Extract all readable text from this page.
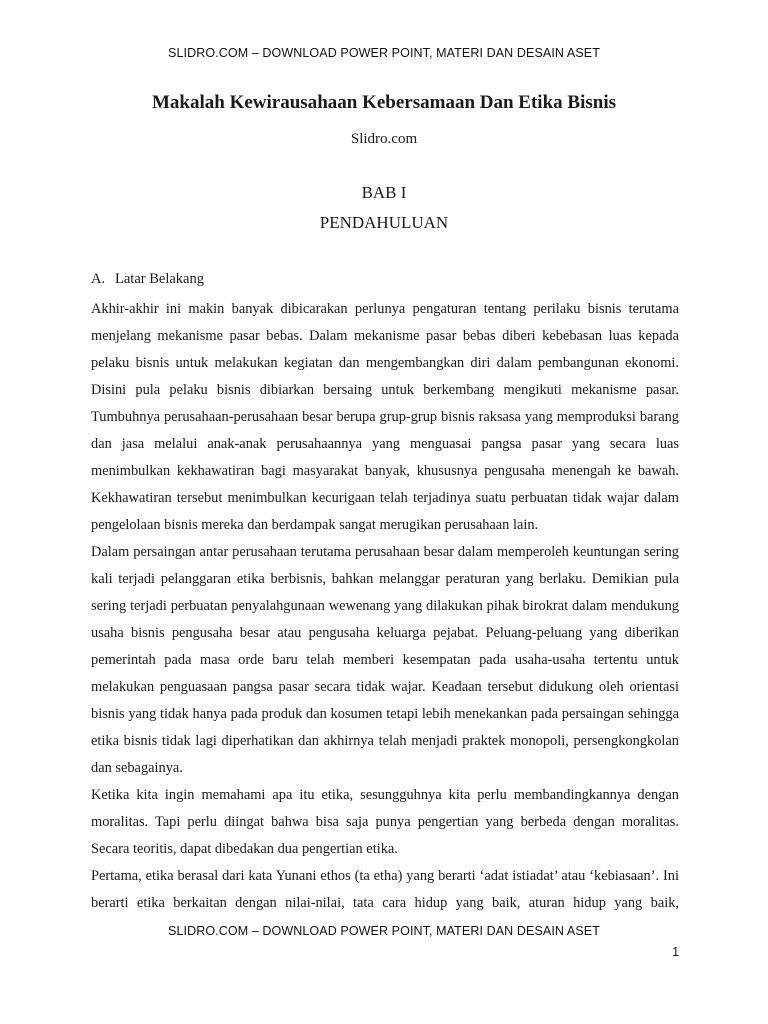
SLIDRO.COM – DOWNLOAD POWER POINT, MATERI DAN DESAIN ASET
Makalah Kewirausahaan Kebersamaan Dan Etika Bisnis
Slidro.com
BAB I
PENDAHULUAN
A. Latar Belakang

Akhir-akhir ini makin banyak dibicarakan perlunya pengaturan tentang perilaku bisnis terutama menjelang mekanisme pasar bebas. Dalam mekanisme pasar bebas diberi kebebasan luas kepada pelaku bisnis untuk melakukan kegiatan dan mengembangkan diri dalam pembangunan ekonomi. Disini pula pelaku bisnis dibiarkan bersaing untuk berkembang mengikuti mekanisme pasar. Tumbuhnya perusahaan-perusahaan besar berupa grup-grup bisnis raksasa yang memproduksi barang dan jasa melalui anak-anak perusahaannya yang menguasai pangsa pasar yang secara luas menimbulkan kekhawatiran bagi masyarakat banyak, khususnya pengusaha menengah ke bawah. Kekhawatiran tersebut menimbulkan kecurigaan telah terjadinya suatu perbuatan tidak wajar dalam pengelolaan bisnis mereka dan berdampak sangat merugikan perusahaan lain.

Dalam persaingan antar perusahaan terutama perusahaan besar dalam memperoleh keuntungan sering kali terjadi pelanggaran etika berbisnis, bahkan melanggar peraturan yang berlaku. Demikian pula sering terjadi perbuatan penyalahgunaan wewenang yang dilakukan pihak birokrat dalam mendukung usaha bisnis pengusaha besar atau pengusaha keluarga pejabat. Peluang-peluang yang diberikan pemerintah pada masa orde baru telah memberi kesempatan pada usaha-usaha tertentu untuk melakukan penguasaan pangsa pasar secara tidak wajar. Keadaan tersebut didukung oleh orientasi bisnis yang tidak hanya pada produk dan kosumen tetapi lebih menekankan pada persaingan sehingga etika bisnis tidak lagi diperhatikan dan akhirnya telah menjadi praktek monopoli, persengkongkolan dan sebagainya.

Ketika kita ingin memahami apa itu etika, sesungguhnya kita perlu membandingkannya dengan moralitas. Tapi perlu diingat bahwa bisa saja punya pengertian yang berbeda dengan moralitas. Secara teoritis, dapat dibedakan dua pengertian etika.

Pertama, etika berasal dari kata Yunani ethos (ta etha) yang berarti ‘adat istiadat’ atau ‘kebiasaan’. Ini berarti etika berkaitan dengan nilai-nilai, tata cara hidup yang baik, aturan hidup yang baik,

SLIDRO.COM – DOWNLOAD POWER POINT, MATERI DAN DESAIN ASET
1
